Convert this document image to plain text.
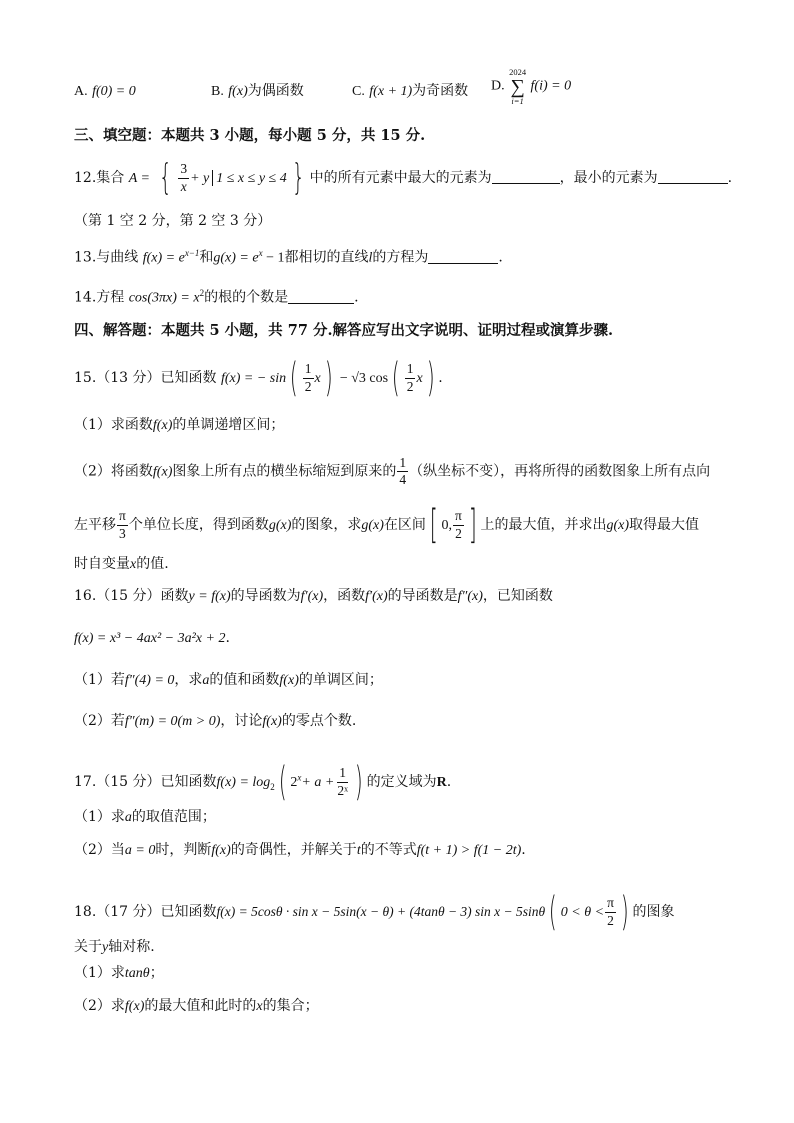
A. f(0) = 0	B. f(x)为偶函数	C. f(x + 1)为奇函数 D.
2024
∑
i=1
f(i) = 0
三、填空题：本题共 3 小题，每小题 5 分，共 15 分.
12.集合 A = { $\frac{3}{x} + y$ 1 ≤ x ≤ y ≤ 4 } 中的所有元素中最大的元素为	，最小的元素为	.
（第 1 空 2 分，第 2 空 3 分）
13.与曲线 $f(x) = e^{x-1}$和$g(x) = e^x - 1$都相切的直线l的方程为	.
14.方程 $\cos(3\pi x) = x^2$的根的个数是	.
四、解答题：本题共 5 小题，共 77 分.解答应写出文字说明、证明过程或演算步骤.
15.（13 分）已知函数 f(x) = − $\sin( \frac{1}{2} x) - √3$ $\cos( \frac{1}{2} x)$ .
（1）求函数f(x)的单调递增区间；
（2）将函数f(x)图象上所有点的横坐标缩短到原来的 $\frac{1}{4}$ （纵坐标不变），再将所得的函数图象上所有点向
左平移 $\frac{\pi}{3}$ 个单位长度，得到函数g(x)的图象，求g(x)在区间[ 0, $\frac{\pi}{2}$ ] 上的最大值，并求出g(x)取得最大值
时自变量x的值.
16.（15 分）函数y = f(x)的导函数为f′(x)，函数f′(x)的导函数是f″(x)，已知函数
f(x) = x³ − 4ax² − 3a²x + 2.
（1）若f″(4) = 0，求a的值和函数f(x)的单调区间；
（2）若f″(m) = 0(m > 0)，讨论f(x)的零点个数.
17.（15 分）已知函数$f(x) = \log_2$( $2^x+ a + \frac{1}{\text{2ˣ}}$ ) 的定义域为R.
（1）求a的取值范围；
（2）当a = 0时，判断f(x)的奇偶性，并解关于t的不等式f(t + 1) > f(1 − 2t).
18.（17 分）已知函数f(x) = 5cosθ · sin x − 5sin(x − θ) + (4tanθ − 3) sin x − 5sinθ( $0 < \theta < \frac{\pi}{2}$ ) 的图象
关于y轴对称.
（1）求tanθ；
（2）求f(x)的最大值和此时的x的集合；
